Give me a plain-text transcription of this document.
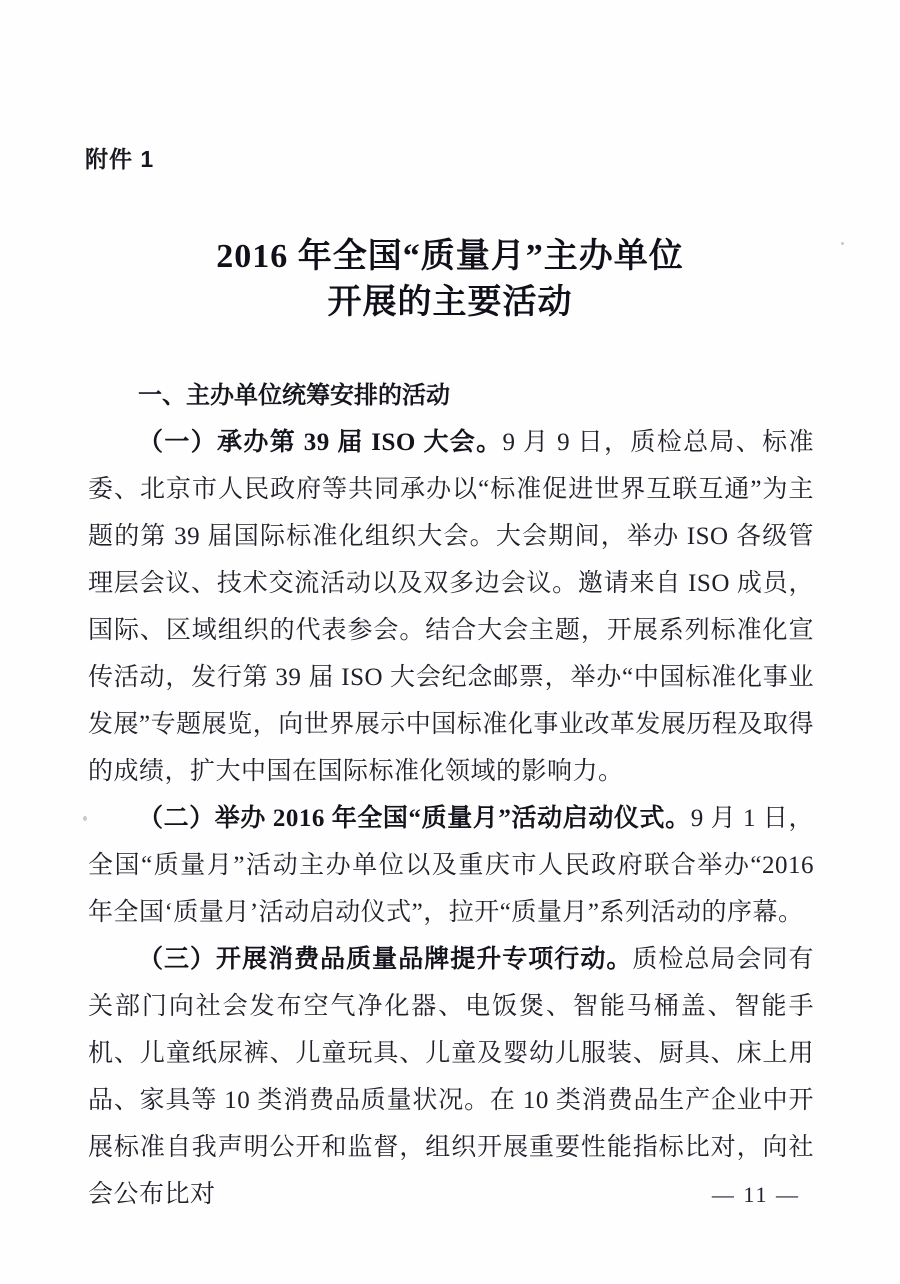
附件 1
2016 年全国“质量月”主办单位
开展的主要活动
一、主办单位统筹安排的活动

（一）承办第 39 届 ISO 大会。9 月 9 日，质检总局、标准委、北京市人民政府等共同承办以“标准促进世界互联互通”为主题的第 39 届国际标准化组织大会。大会期间，举办 ISO 各级管理层会议、技术交流活动以及双多边会议。邀请来自 ISO 成员，国际、区域组织的代表参会。结合大会主题，开展系列标准化宣传活动，发行第 39 届 ISO 大会纪念邮票，举办“中国标准化事业发展”专题展览，向世界展示中国标准化事业改革发展历程及取得的成绩，扩大中国在国际标准化领域的影响力。

（二）举办 2016 年全国“质量月”活动启动仪式。9 月 1 日，全国“质量月”活动主办单位以及重庆市人民政府联合举办“2016 年全国‘质量月’活动启动仪式”，拉开“质量月”系列活动的序幕。

（三）开展消费品质量品牌提升专项行动。质检总局会同有关部门向社会发布空气净化器、电饭煲、智能马桶盖、智能手机、儿童纸尿裤、儿童玩具、儿童及婴幼儿服装、厨具、床上用品、家具等 10 类消费品质量状况。在 10 类消费品生产企业中开展标准自我声明公开和监督，组织开展重要性能指标比对，向社会公布比对	— 11 —
